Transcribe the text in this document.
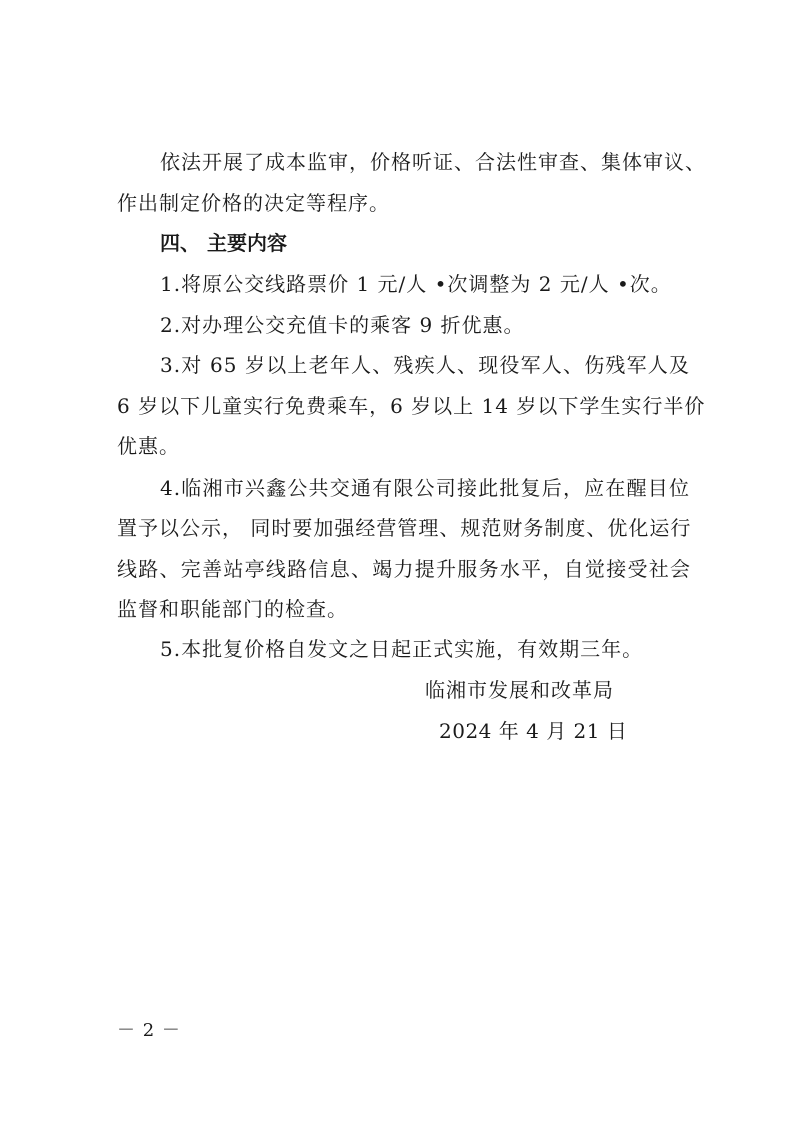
依法开展了成本监审，价格听证、合法性审查、集体审议、
作出制定价格的决定等程序。
四、 主要内容
1.将原公交线路票价 1 元/人 •次调整为 2 元/人 •次。
2.对办理公交充值卡的乘客 9 折优惠。
3.对 65 岁以上老年人、残疾人、现役军人、伤残军人及
6 岁以下儿童实行免费乘车，6 岁以上 14 岁以下学生实行半价
优惠。
4.临湘市兴鑫公共交通有限公司接此批复后，应在醒目位
置予以公示， 同时要加强经营管理、规范财务制度、优化运行
线路、完善站亭线路信息、竭力提升服务水平，自觉接受社会
监督和职能部门的检查。
5.本批复价格自发文之日起正式实施，有效期三年。
临湘市发展和改革局
2024 年 4 月 21 日
－ 2 －
